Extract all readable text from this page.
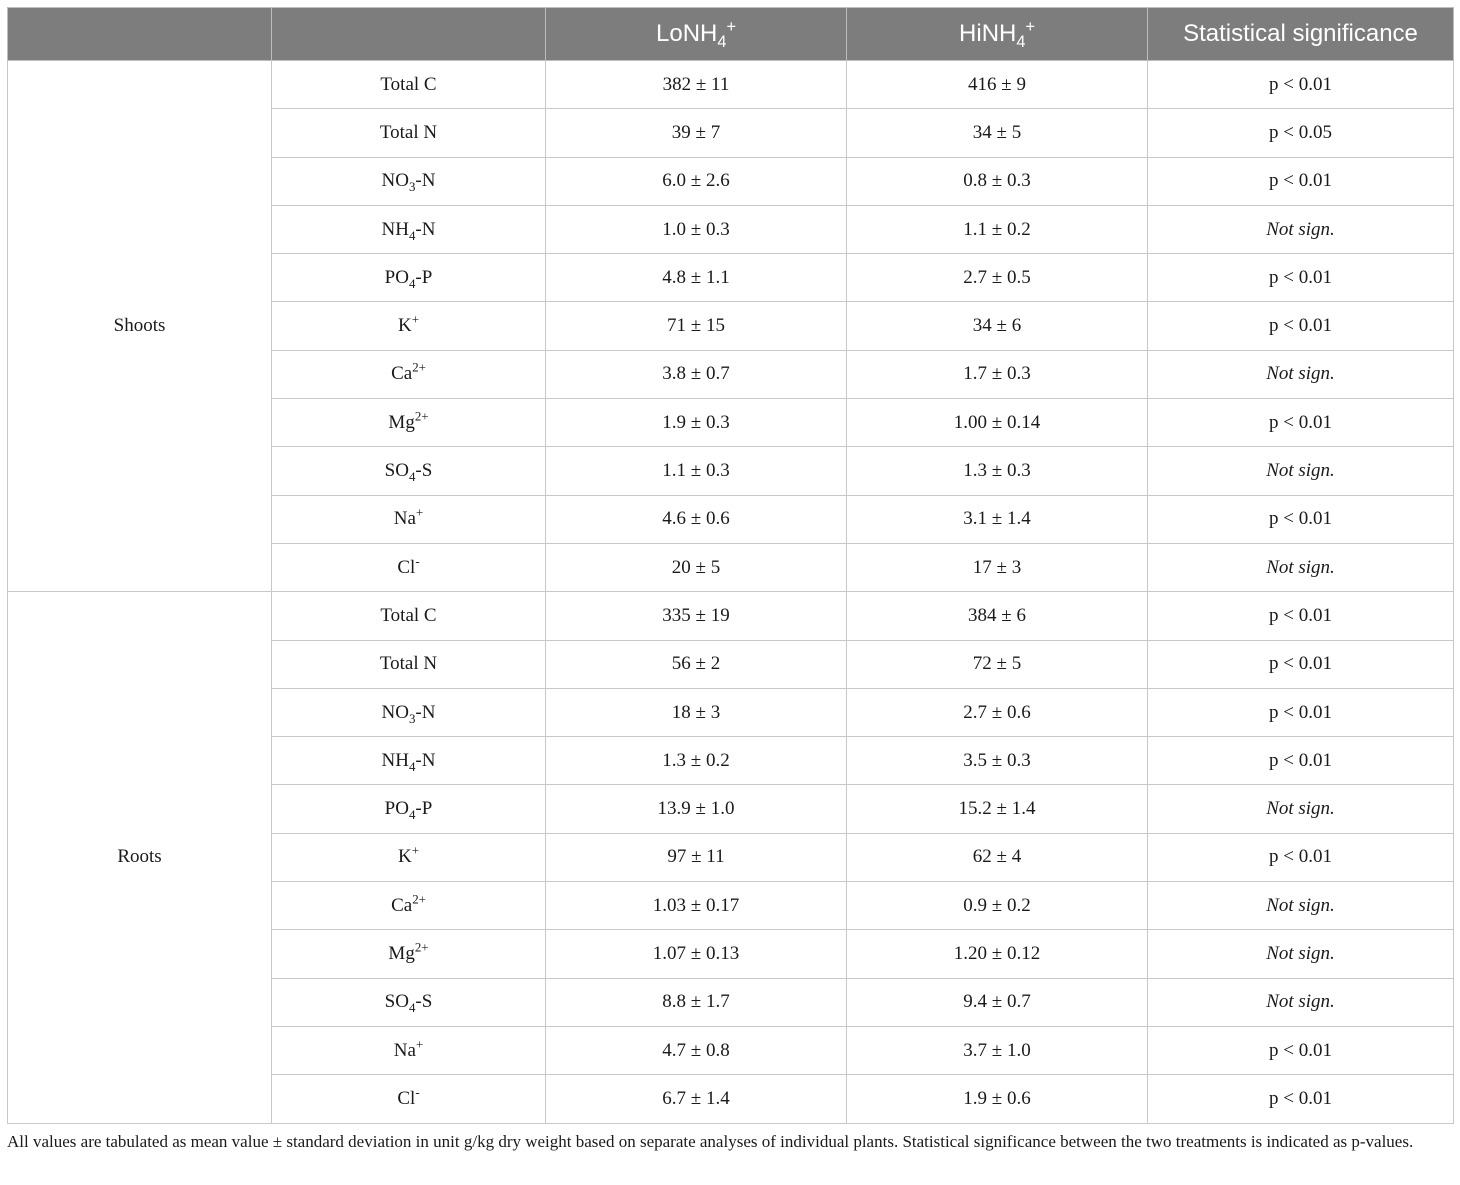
		LoNH$_4$+	HiNH$_4$+	Statistical significance
Shoots	Total C	382 ± 11	416 ± 9	p < 0.01
	Total N	39 ± 7	34 ± 5	p < 0.05
	$NO_3-N$	6.0 ± 2.6	0.8 ± 0.3	p < 0.01
	$NH_4-N$	1.0 ± 0.3	1.1 ± 0.2	Not sign.
	$PO_4-P$	4.8 ± 1.1	2.7 ± 0.5	p < 0.01
	K+	71 ± 15	34 ± 6	p < 0.01
	$Ca^{2+}$	3.8 ± 0.7	1.7 ± 0.3	Not sign.
	$Mg^{2+}$	1.9 ± 0.3	1.00 ± 0.14	p < 0.01
	$SO_4-S$	1.1 ± 0.3	1.3 ± 0.3	Not sign.
	Na+	4.6 ± 0.6	3.1 ± 1.4	p < 0.01
	Cl-	20 ± 5	17 ± 3	Not sign.
Roots	Total C	335 ± 19	384 ± 6	p < 0.01
	Total N	56 ± 2	72 ± 5	p < 0.01
	$NO_3-N$	18 ± 3	2.7 ± 0.6	p < 0.01
	$NH_4-N$	1.3 ± 0.2	3.5 ± 0.3	p < 0.01
	$PO_4-P$	13.9 ± 1.0	15.2 ± 1.4	Not sign.
	K+	97 ± 11	62 ± 4	p < 0.01
	$Ca^{2+}$	1.03 ± 0.17	0.9 ± 0.2	Not sign.
	$Mg^{2+}$	1.07 ± 0.13	1.20 ± 0.12	Not sign.
	$SO_4-S$	8.8 ± 1.7	9.4 ± 0.7	Not sign.
	Na+	4.7 ± 0.8	3.7 ± 1.0	p < 0.01
	Cl-	6.7 ± 1.4	1.9 ± 0.6	p < 0.01
All values are tabulated as mean value ± standard deviation in unit g/kg dry weight based on separate analyses of individual plants. Statistical significance between the two treatments is indicated as p-values.
